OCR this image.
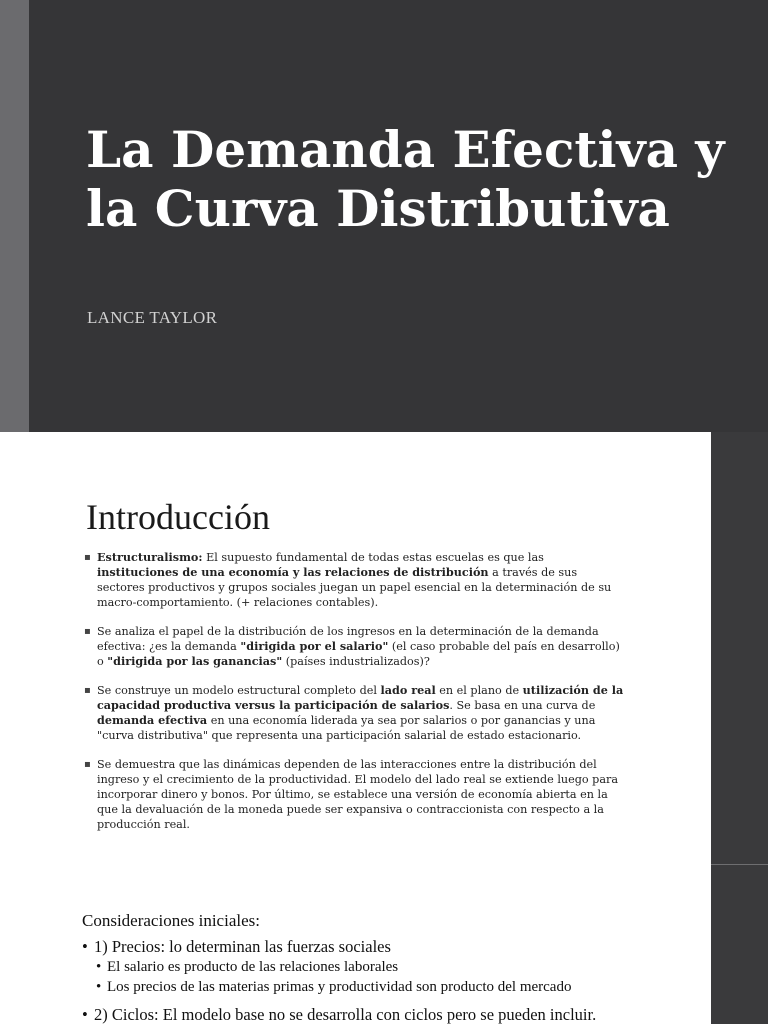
La Demanda Efectiva y la Curva Distributiva

LANCE TAYLOR

Introducción
▪ Estructuralismo: El supuesto fundamental de todas estas escuelas es que las instituciones de una economía y las relaciones de distribución a través de sus sectores productivos y grupos sociales juegan un papel esencial en la determinación de su macro-comportamiento. (+ relaciones contables).
▪ Se analiza el papel de la distribución de los ingresos en la determinación de la demanda efectiva: ¿es la demanda "dirigida por el salario" (el caso probable del país en desarrollo) o "dirigida por las ganancias" (países industrializados)?
▪ Se construye un modelo estructural completo del lado real en el plano de utilización de la capacidad productiva versus la participación de salarios. Se basa en una curva de demanda efectiva en una economía liderada ya sea por salarios o por ganancias y una "curva distributiva" que representa una participación salarial de estado estacionario.
▪ Se demuestra que las dinámicas dependen de las interacciones entre la distribución del ingreso y el crecimiento de la productividad. El modelo del lado real se extiende luego para incorporar dinero y bonos. Por último, se establece una versión de economía abierta en la que la devaluación de la moneda puede ser expansiva o contraccionista con respecto a la producción real.

Consideraciones iniciales:

• 1) Precios: lo determinan las fuerzas sociales

• El salario es producto de las relaciones laborales

• Los precios de las materias primas y productividad son producto del mercado

• 2) Ciclos: El modelo base no se desarrolla con ciclos pero se pueden incluir.
